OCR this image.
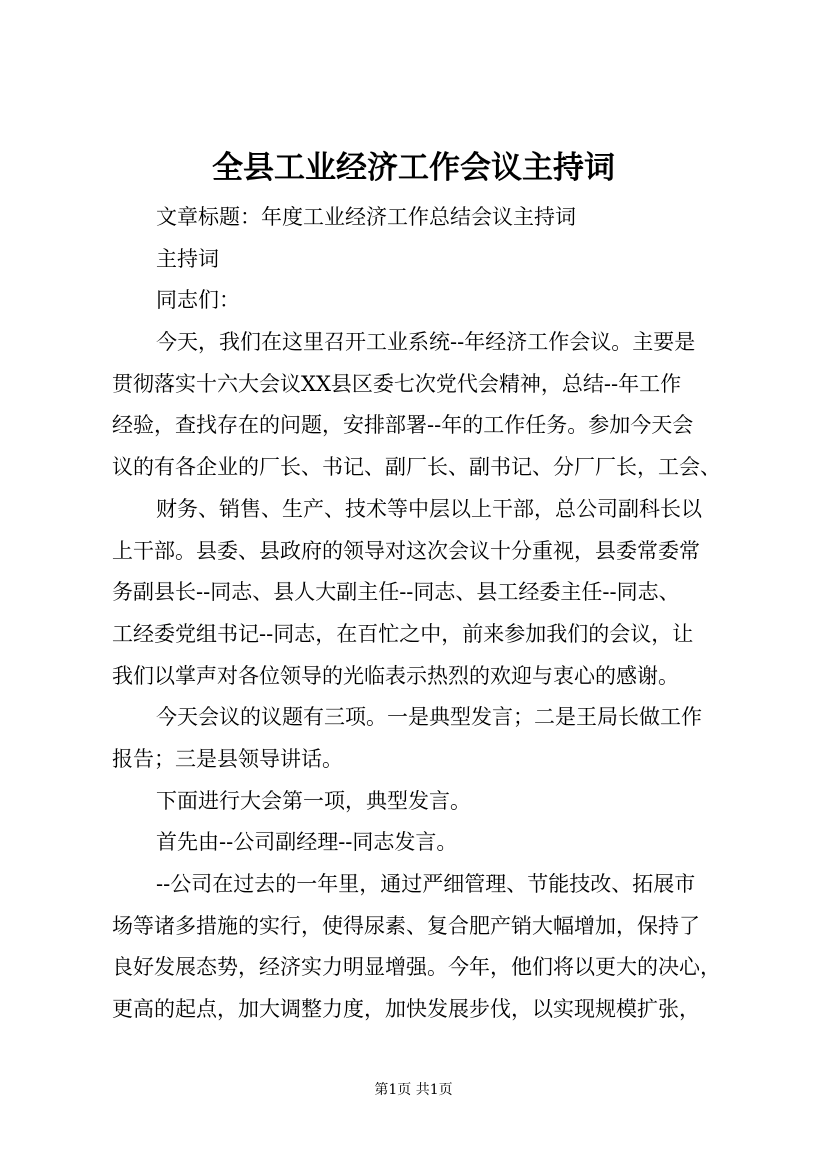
全县工业经济工作会议主持词
文章标题：年度工业经济工作总结会议主持词
主持词
同志们：
今天，我们在这里召开工业系统--年经济工作会议。主要是
贯彻落实十六大会议XX县区委七次党代会精神，总结--年工作
经验，查找存在的问题，安排部署--年的工作任务。参加今天会
议的有各企业的厂长、书记、副厂长、副书记、分厂厂长，工会、
财务、销售、生产、技术等中层以上干部，总公司副科长以
上干部。县委、县政府的领导对这次会议十分重视，县委常委常
务副县长--同志、县人大副主任--同志、县工经委主任--同志、
工经委党组书记--同志，在百忙之中，前来参加我们的会议，让
我们以掌声对各位领导的光临表示热烈的欢迎与衷心的感谢。
今天会议的议题有三项。一是典型发言；二是王局长做工作
报告；三是县领导讲话。
下面进行大会第一项，典型发言。
首先由--公司副经理--同志发言。
--公司在过去的一年里，通过严细管理、节能技改、拓展市
场等诸多措施的实行，使得尿素、复合肥产销大幅增加，保持了
良好发展态势，经济实力明显增强。今年，他们将以更大的决心，
更高的起点，加大调整力度，加快发展步伐，以实现规模扩张，
第1页 共1页
